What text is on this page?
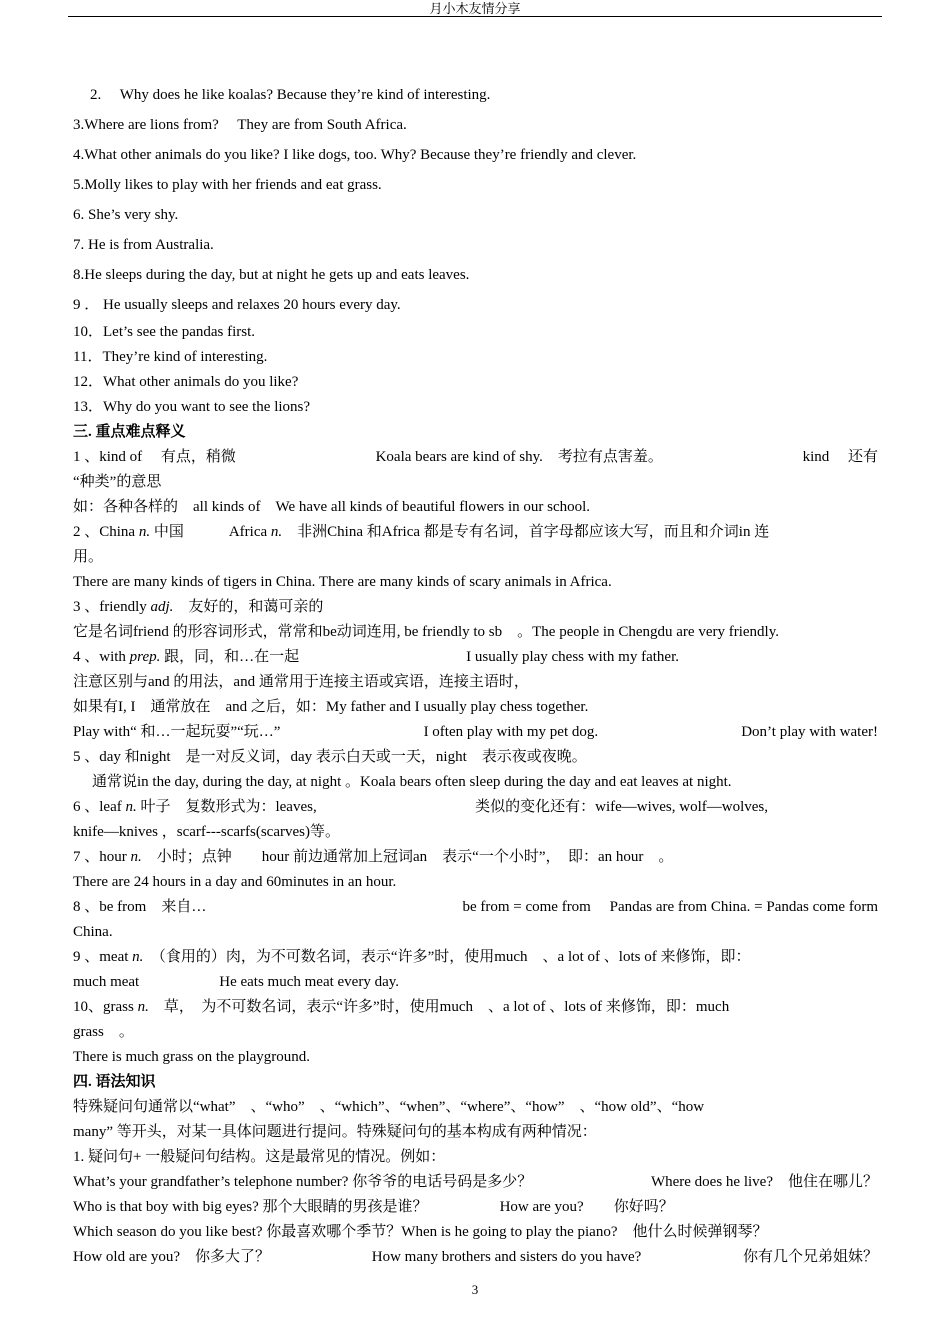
月小木友情分享
2.　 Why does he like koalas? Because they’re kind of interesting.
3.Where are lions from?　 They are from South Africa.
4.What other animals do you like? I like dogs, too. Why? Because they’re friendly and clever.
5.Molly likes to play with her friends and eat grass.
6. She’s very shy.
7. He is from Australia.
8.He sleeps during the day, but at night he gets up and eats leaves.
9 ． He usually sleeps and relaxes 20 hours every day.
10．Let’s see the pandas first.
11．They’re kind of interesting.
12．What other animals do you like?
13．Why do you want to see the lions?
三. 重点难点释义
1 、kind of　 有点，稍微	Koala bears are kind of shy.　考拉有点害羞。	kind　 还有
“种类”的意思
如：各种各样的　all kinds of　We have all kinds of beautiful flowers in our school.
2 、China n. 中国　　　Africa n.　非洲China 和Africa 都是专有名词，首字母都应该大写，而且和介词in 连
用。
There are many kinds of tigers in China. There are many kinds of scary animals in Africa.
3 、friendly adj.　友好的，和蔼可亲的
它是名词friend 的形容词形式，常常和be动词连用, be friendly to sb　。The people in Chengdu are very friendly.
4 、with prep. 跟，同，和…在一起	I usually play chess with my father.
注意区别与and 的用法，and 通常用于连接主语或宾语，连接主语时，
如果有I, I　通常放在　and 之后，如：My father and I usually play chess together.
Play with“ 和…一起玩耍”“玩…”	I often play with my pet dog.	Don’t play with water!
5 、day 和night　是一对反义词，day 表示白天或一天，night　表示夜或夜晚。
通常说in the day, during the day, at night 。Koala bears often sleep during the day and eat leaves at night.
6 、leaf n. 叶子　复数形式为：leaves,	类似的变化还有：wife—wives, wolf—wolves,
knife—knives ，scarf---scarfs(scarves)等。
7 、hour n.　小时；点钟　　hour 前边通常加上冠词an　表示“一个小时”，　即：an hour　。
There are 24 hours in a day and 60minutes in an hour.
8 、be from　来自…	be from = come from　 Pandas are from China. = Pandas come form
China.
9 、meat n.　（食用的）肉，为不可数名词，表示“许多”时，使用much　、a lot of 、lots of 来修饰，即：
much meat	He eats much meat every day.
10、grass n.　草，　为不可数名词，表示“许多”时，使用much　、a lot of 、lots of 来修饰，即：much
grass　。
There is much grass on the playground.
四. 语法知识
特殊疑问句通常以“what”　、“who”　、“which”、“when”、“where”、“how”　、“how old”、“how
many” 等开头，对某一具体问题进行提问。特殊疑问句的基本构成有两种情况：
1. 疑问句+ 一般疑问句结构。这是最常见的情况。例如：
What’s your grandfather’s telephone number? 你爷爷的电话号码是多少？	Where does he live?　他住在哪儿？
Who is that boy with big eyes? 那个大眼睛的男孩是谁？	How are you?　　你好吗？
Which season do you like best? 你最喜欢哪个季节？When is he going to play the piano?　他什么时候弹钢琴？
How old are you?　你多大了？	How many brothers and sisters do you have?	你有几个兄弟姐妹？
3
